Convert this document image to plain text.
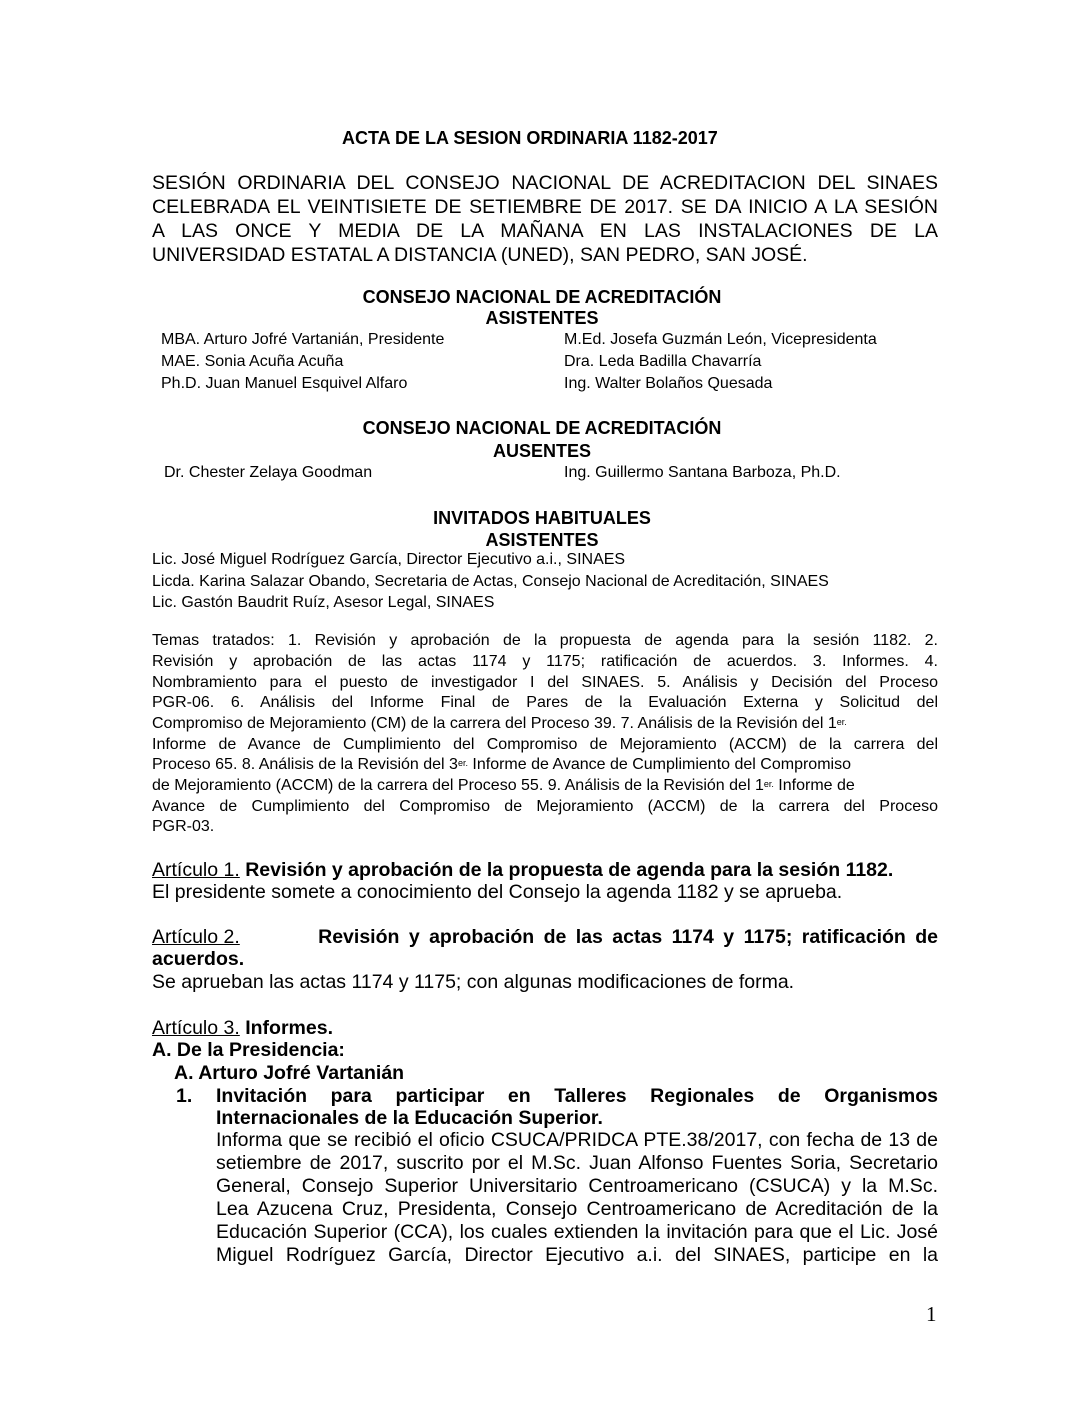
ACTA DE LA SESION ORDINARIA 1182-2017
SESIÓN ORDINARIA DEL CONSEJO NACIONAL DE ACREDITACION DEL SINAES
CELEBRADA EL VEINTISIETE DE SETIEMBRE DE 2017. SE DA INICIO A LA SESIÓN
A LAS ONCE Y MEDIA DE LA MAÑANA EN LAS INSTALACIONES DE LA
UNIVERSIDAD ESTATAL A DISTANCIA (UNED), SAN PEDRO, SAN JOSÉ.
CONSEJO NACIONAL DE ACREDITACIÓN
ASISTENTES
MBA. Arturo Jofré Vartanián, Presidente
MAE. Sonia Acuña Acuña
Ph.D. Juan Manuel Esquivel Alfaro
M.Ed. Josefa Guzmán León, Vicepresidenta
Dra. Leda Badilla Chavarría
Ing. Walter Bolaños Quesada
CONSEJO NACIONAL DE ACREDITACIÓN
AUSENTES
Dr. Chester Zelaya Goodman	Ing. Guillermo Santana Barboza, Ph.D.
INVITADOS HABITUALES
ASISTENTES
Lic. José Miguel Rodríguez García, Director Ejecutivo a.i., SINAES
Licda. Karina Salazar Obando, Secretaria de Actas, Consejo Nacional de Acreditación, SINAES
Lic. Gastón Baudrit Ruíz, Asesor Legal, SINAES
Temas tratados: 1. Revisión y aprobación de la propuesta de agenda para la sesión 1182. 2.
Revisión y aprobación de las actas 1174 y 1175; ratificación de acuerdos. 3. Informes. 4.
Nombramiento para el puesto de investigador I del SINAES. 5. Análisis y Decisión del Proceso
PGR-06. 6. Análisis del Informe Final de Pares de la Evaluación Externa y Solicitud del
Compromiso de Mejoramiento (CM) de la carrera del Proceso 39. 7. Análisis de la Revisión del $1^{er.}$
Informe de Avance de Cumplimiento del Compromiso de Mejoramiento (ACCM) de la carrera del
Proceso 65. 8. Análisis de la Revisión del $3^{er.}$ Informe de Avance de Cumplimiento del Compromiso
de Mejoramiento (ACCM) de la carrera del Proceso 55. 9. Análisis de la Revisión del $1^{er.}$ Informe de
Avance de Cumplimiento del Compromiso de Mejoramiento (ACCM) de la carrera del Proceso
PGR-03.
Artículo 1. Revisión y aprobación de la propuesta de agenda para la sesión 1182.
El presidente somete a conocimiento del Consejo la agenda 1182 y se aprueba.
Artículo 2.	Revisión y aprobación de las actas 1174 y 1175; ratificación de
acuerdos.
Se aprueban las actas 1174 y 1175; con algunas modificaciones de forma.
Artículo 3. Informes.
A. De la Presidencia:
A. Arturo Jofré Vartanián
1. Invitación para participar en Talleres Regionales de Organismos
Internacionales de la Educación Superior.
Informa que se recibió el oficio CSUCA/PRIDCA PTE.38/2017, con fecha de 13 de
setiembre de 2017, suscrito por el M.Sc. Juan Alfonso Fuentes Soria, Secretario
General, Consejo Superior Universitario Centroamericano (CSUCA) y la M.Sc.
Lea Azucena Cruz, Presidenta, Consejo Centroamericano de Acreditación de la
Educación Superior (CCA), los cuales extienden la invitación para que el Lic. José
Miguel Rodríguez García, Director Ejecutivo a.i. del SINAES, participe en la
1
